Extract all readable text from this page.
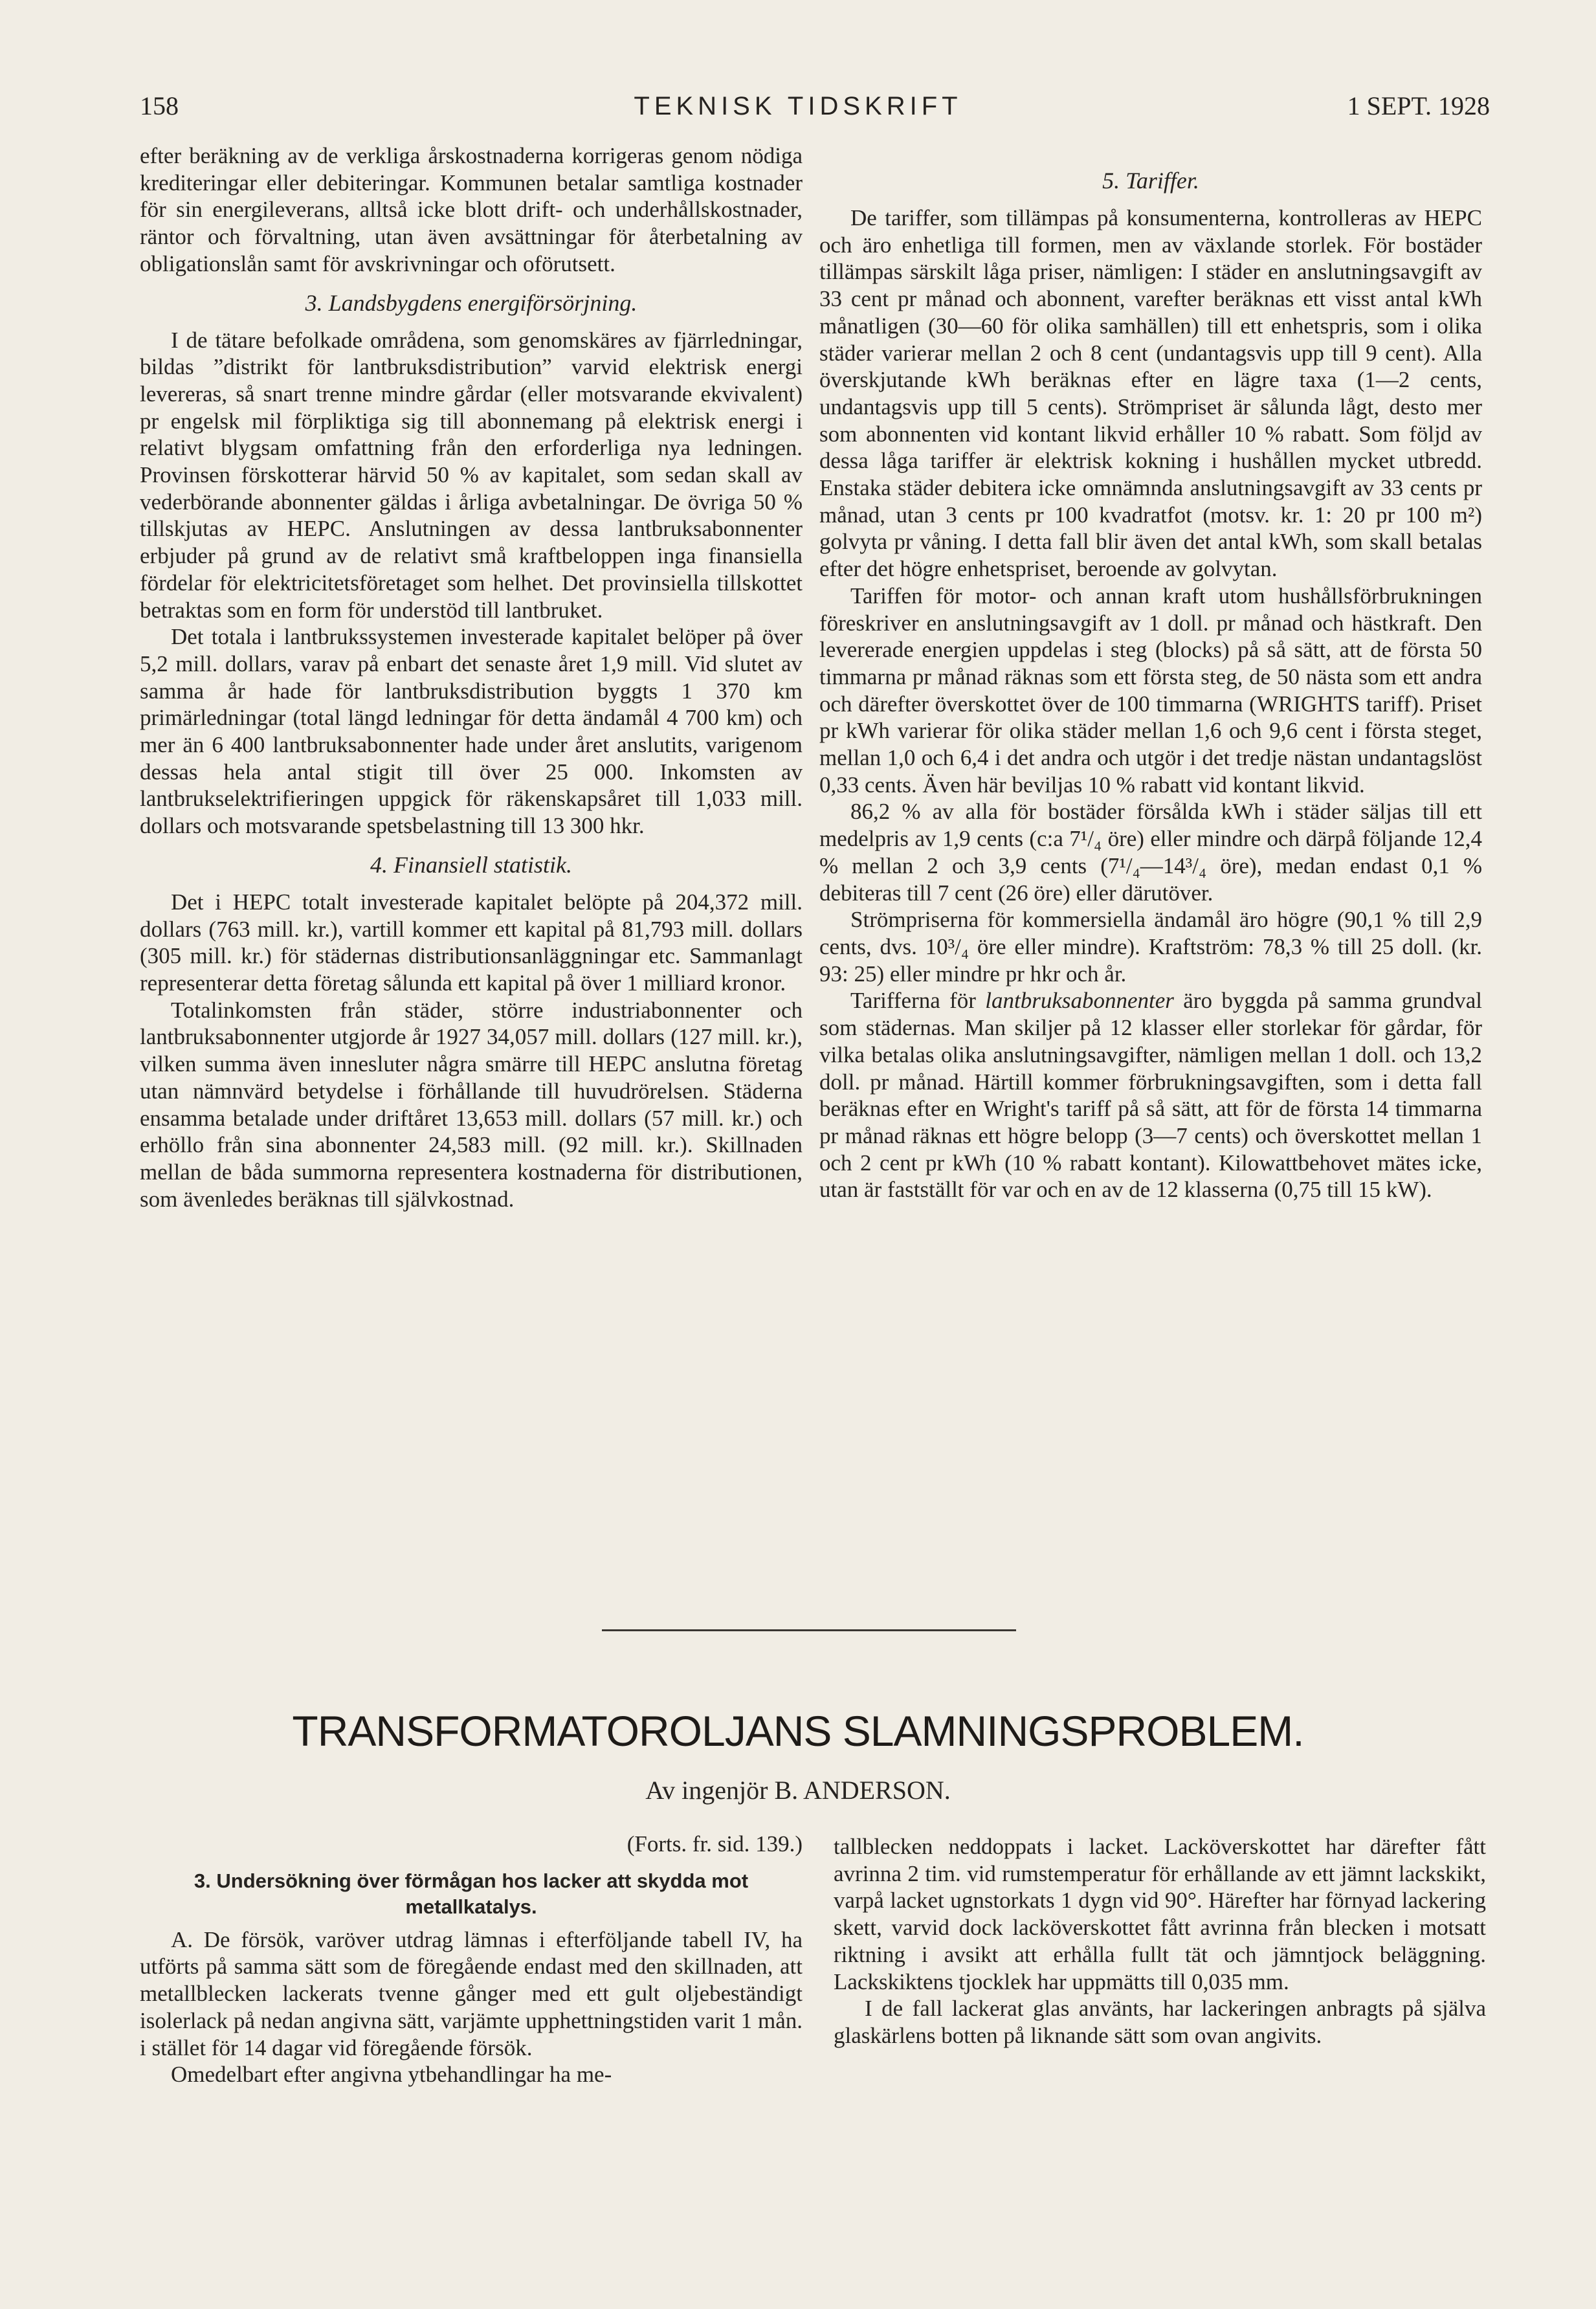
158	TEKNISK TIDSKRIFT	1 SEPT. 1928

efter beräkning av de verkliga årskostnaderna korrigeras genom nödiga krediteringar eller debiteringar. Kommunen betalar samtliga kostnader för sin energileverans, alltså icke blott drift- och underhållskostnader, räntor och förvaltning, utan även avsättningar för återbetalning av obligationslån samt för avskrivningar och oförutsett.

3. Landsbygdens energiförsörjning.

I de tätare befolkade områdena, som genomskäres av fjärrledningar, bildas ”distrikt för lantbruksdistribution” varvid elektrisk energi levereras, så snart trenne mindre gårdar (eller motsvarande ekvivalent) pr engelsk mil förpliktiga sig till abonnemang på elektrisk energi i relativt blygsam omfattning från den erforderliga nya ledningen. Provinsen förskotterar härvid 50 % av kapitalet, som sedan skall av vederbörande abonnenter gäldas i årliga avbetalningar. De övriga 50 % tillskjutas av HEPC. Anslutningen av dessa lantbruksabonnenter erbjuder på grund av de relativt små kraftbeloppen inga finansiella fördelar för elektricitetsföretaget som helhet. Det provinsiella tillskottet betraktas som en form för understöd till lantbruket.

Det totala i lantbrukssystemen investerade kapitalet belöper på över 5,2 mill. dollars, varav på enbart det senaste året 1,9 mill. Vid slutet av samma år hade för lantbruksdistribution byggts 1 370 km primärledningar (total längd ledningar för detta ändamål 4 700 km) och mer än 6 400 lantbruksabonnenter hade under året anslutits, varigenom dessas hela antal stigit till över 25 000. Inkomsten av lantbrukselektrifieringen uppgick för räkenskapsåret till 1,033 mill. dollars och motsvarande spetsbelastning till 13 300 hkr.

4. Finansiell statistik.

Det i HEPC totalt investerade kapitalet belöpte på 204,372 mill. dollars (763 mill. kr.), vartill kommer ett kapital på 81,793 mill. dollars (305 mill. kr.) för städernas distributionsanläggningar etc. Sammanlagt representerar detta företag sålunda ett kapital på över 1 milliard kronor.

Totalinkomsten från städer, större industriabonnenter och lantbruksabonnenter utgjorde år 1927 34,057 mill. dollars (127 mill. kr.), vilken summa även innesluter några smärre till HEPC anslutna företag utan nämnvärd betydelse i förhållande till huvudrörelsen. Städerna ensamma betalade under driftåret 13,653 mill. dollars (57 mill. kr.) och erhöllo från sina abonnenter 24,583 mill. (92 mill. kr.). Skillnaden mellan de båda summorna representera kostnaderna för distributionen, som ävenledes beräknas till självkostnad.

5. Tariffer.

De tariffer, som tillämpas på konsumenterna, kontrolleras av HEPC och äro enhetliga till formen, men av växlande storlek. För bostäder tillämpas särskilt låga priser, nämligen: I städer en anslutningsavgift av 33 cent pr månad och abonnent, varefter beräknas ett visst antal kWh månatligen (30—60 för olika samhällen) till ett enhetspris, som i olika städer varierar mellan 2 och 8 cent (undantagsvis upp till 9 cent). Alla överskjutande kWh beräknas efter en lägre taxa (1—2 cents, undantagsvis upp till 5 cents). Strömpriset är sålunda lågt, desto mer som abonnenten vid kontant likvid erhåller 10 % rabatt. Som följd av dessa låga tariffer är elektrisk kokning i hushållen mycket utbredd. Enstaka städer debitera icke omnämnda anslutningsavgift av 33 cents pr månad, utan 3 cents pr 100 kvadratfot (motsv. kr. 1: 20 pr 100 m²) golvyta pr våning. I detta fall blir även det antal kWh, som skall betalas efter det högre enhetspriset, beroende av golvytan.

Tariffen för motor- och annan kraft utom hushållsförbrukningen föreskriver en anslutningsavgift av 1 doll. pr månad och hästkraft. Den levererade energien uppdelas i steg (blocks) på så sätt, att de första 50 timmarna pr månad räknas som ett första steg, de 50 nästa som ett andra och därefter överskottet över de 100 timmarna (WRIGHTS tariff). Priset pr kWh varierar för olika städer mellan 1,6 och 9,6 cent i första steget, mellan 1,0 och 6,4 i det andra och utgör i det tredje nästan undantagslöst 0,33 cents. Även här beviljas 10 % rabatt vid kontant likvid.

86,2 % av alla för bostäder försålda kWh i städer säljas till ett medelpris av 1,9 cents (c:a 7¹/₄ öre) eller mindre och därpå följande 12,4 % mellan 2 och 3,9 cents (7¹/₄—14³/₄ öre), medan endast 0,1 % debiteras till 7 cent (26 öre) eller därutöver.

Strömpriserna för kommersiella ändamål äro högre (90,1 % till 2,9 cents, dvs. 10³/₄ öre eller mindre). Kraftström: 78,3 % till 25 doll. (kr. 93: 25) eller mindre pr hkr och år.

Tarifferna för lantbruksabonnenter äro byggda på samma grundval som städernas. Man skiljer på 12 klasser eller storlekar för gårdar, för vilka betalas olika anslutningsavgifter, nämligen mellan 1 doll. och 13,2 doll. pr månad. Härtill kommer förbrukningsavgiften, som i detta fall beräknas efter en Wright's tariff på så sätt, att för de första 14 timmarna pr månad räknas ett högre belopp (3—7 cents) och överskottet mellan 1 och 2 cent pr kWh (10 % rabatt kontant). Kilowattbehovet mätes icke, utan är fastställt för var och en av de 12 klasserna (0,75 till 15 kW).

TRANSFORMATOROLJANS SLAMNINGSPROBLEM.
Av ingenjör B. ANDERSON.

(Forts. fr. sid. 139.)

3. Undersökning över förmågan hos lacker att skydda mot metallkatalys.

A. De försök, varöver utdrag lämnas i efterföljande tabell IV, ha utförts på samma sätt som de föregående endast med den skillnaden, att metallblecken lackerats tvenne gånger med ett gult oljebeständigt isolerlack på nedan angivna sätt, varjämte upphettningstiden varit 1 mån. i stället för 14 dagar vid föregående försök.

Omedelbart efter angivna ytbehandlingar ha me-

tallblecken neddoppats i lacket. Lacköverskottet har därefter fått avrinna 2 tim. vid rumstemperatur för erhållande av ett jämnt lackskikt, varpå lacket ugnstorkats 1 dygn vid 90°. Härefter har förnyad lackering skett, varvid dock lacköverskottet fått avrinna från blecken i motsatt riktning i avsikt att erhålla fullt tät och jämntjock beläggning. Lackskiktens tjocklek har uppmätts till 0,035 mm.

I de fall lackerat glas använts, har lackeringen anbragts på själva glaskärlens botten på liknande sätt som ovan angivits.
